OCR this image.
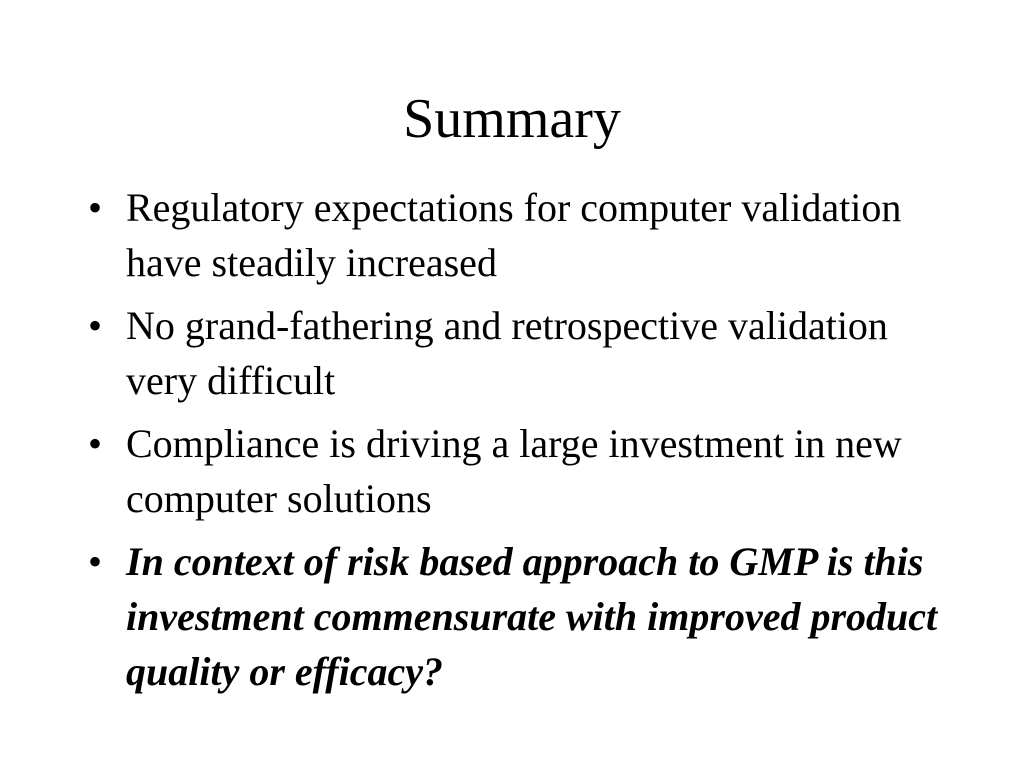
Summary
• Regulatory expectations for computer validation have steadily increased
• No grand-fathering and retrospective validation very difficult
• Compliance is driving a large investment in new computer solutions
• In context of risk based approach to GMP is this investment commensurate with improved product quality or efficacy?
